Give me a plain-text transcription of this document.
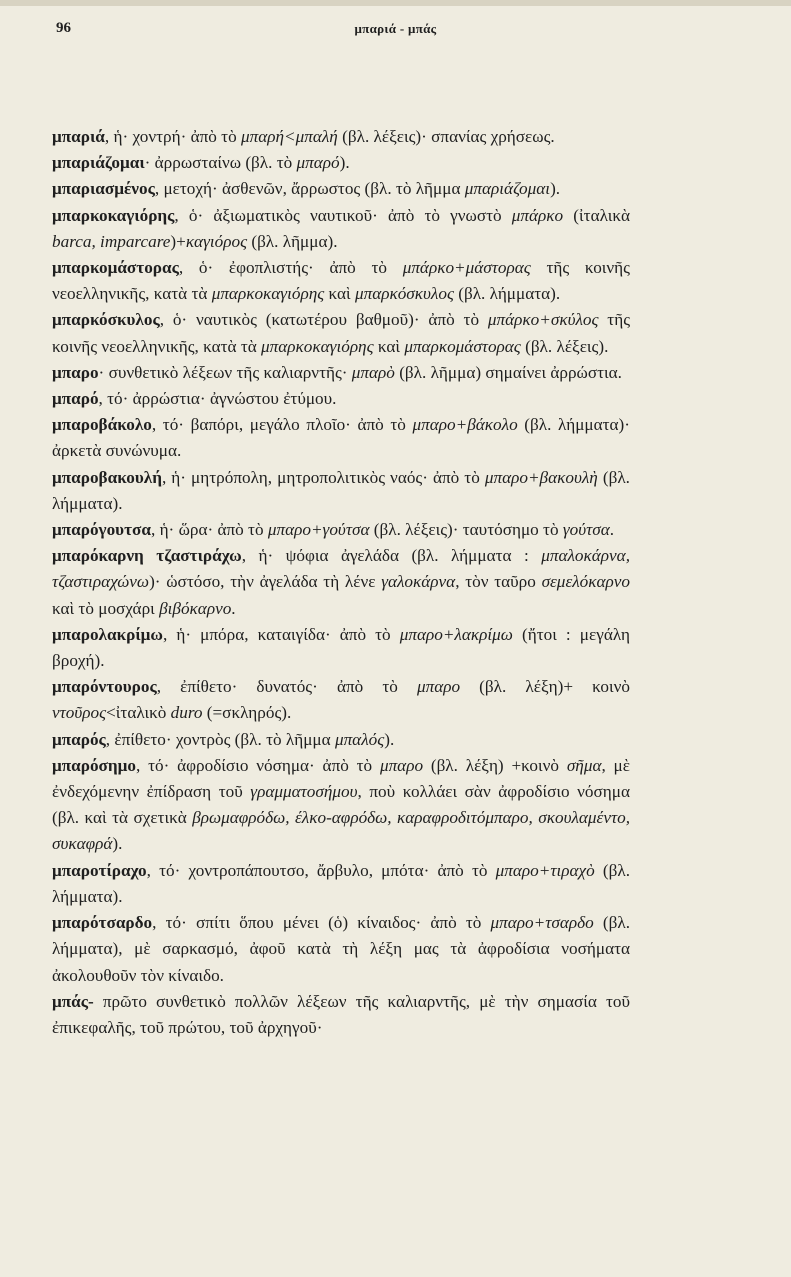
96	μπαριά - μπάς

μπαριά, ἡ· χοντρή· ἀπὸ τὸ μπαρή<μπαλή (βλ. λέξεις)· σπανίας χρήσεως.

μπαριάζομαι· ἀρρωσταίνω (βλ. τὸ μπαρό).

μπαριασμένος, μετοχή· ἀσθενῶν, ἄρρωστος (βλ. τὸ λῆμμα μπαριάζομαι).

μπαρκοκαγιόρης, ὁ· ἀξιωματικὸς ναυτικοῦ· ἀπὸ τὸ γνωστὸ μπάρκο (ἰταλικὰ barca, imparcare)+καγιόρος (βλ. λῆμμα).

μπαρκομάστορας, ὁ· ἐφοπλιστής· ἀπὸ τὸ μπάρκο+μάστορας τῆς κοινῆς νεοελληνικῆς, κατὰ τὰ μπαρκοκαγιόρης καὶ μπαρκόσκυλος (βλ. λήμματα).

μπαρκόσκυλος, ὁ· ναυτικὸς (κατωτέρου βαθμοῦ)· ἀπὸ τὸ μπάρκο+σκύλος τῆς κοινῆς νεοελληνικῆς, κατὰ τὰ μπαρκοκαγιόρης καὶ μπαρκομάστορας (βλ. λέξεις).

μπαρο· συνθετικὸ λέξεων τῆς καλιαρντῆς· μπαρὸ (βλ. λῆμμα) σημαίνει ἀρρώστια.

μπαρό, τό· ἀρρώστια· ἀγνώστου ἐτύμου.

μπαροβάκολο, τό· βαπόρι, μεγάλο πλοῖο· ἀπὸ τὸ μπαρο+βάκολο (βλ. λήμματα)· ἀρκετὰ συνώνυμα.

μπαροβακουλή, ἡ· μητρόπολη, μητροπολιτικὸς ναός· ἀπὸ τὸ μπαρο+βακουλὴ (βλ. λήμματα).

μπαρόγουτσα, ἡ· ὥρα· ἀπὸ τὸ μπαρο+γούτσα (βλ. λέξεις)· ταυτόσημο τὸ γούτσα.

μπαρόκαρνη τζαστιράχω, ἡ· ψόφια ἀγελάδα (βλ. λήμματα : μπαλοκάρνα, τζαστιραχώνω)· ὡστόσο, τὴν ἀγελάδα τὴ λένε γαλοκάρνα, τὸν ταῦρο σεμελόκαρνο καὶ τὸ μοσχάρι βιβόκαρνο.

μπαρολακρίμω, ἡ· μπόρα, καταιγίδα· ἀπὸ τὸ μπαρο+λακρίμω (ἤτοι : μεγάλη βροχή).

μπαρόντουρος, ἐπίθετο· δυνατός· ἀπὸ τὸ μπαρο (βλ. λέξη)+ κοινὸ ντοῦρος<ἰταλικὸ duro (=σκληρός).

μπαρός, ἐπίθετο· χοντρὸς (βλ. τὸ λῆμμα μπαλός).

μπαρόσημο, τό· ἀφροδίσιο νόσημα· ἀπὸ τὸ μπαρο (βλ. λέξη) +κοινὸ σῆμα, μὲ ἐνδεχόμενην ἐπίδραση τοῦ γραμματοσήμου, ποὺ κολλάει σὰν ἀφροδίσιο νόσημα (βλ. καὶ τὰ σχετικὰ βρωμαφρόδω, έλκο-αφρόδω, καραφροδιτόμπαρο, σκουλαμέντο, συκαφρά).

μπαροτίραχο, τό· χοντροπάπουτσο, ἄρβυλο, μπότα· ἀπὸ τὸ μπαρο+τιραχὸ (βλ. λήμματα).

μπαρότσαρδο, τό· σπίτι ὅπου μένει (ὁ) κίναιδος· ἀπὸ τὸ μπαρο+τσαρδο (βλ. λήμματα), μὲ σαρκασμό, ἀφοῦ κατὰ τὴ λέξη μας τὰ ἀφροδίσια νοσήματα ἀκολουθοῦν τὸν κίναιδο.

μπάς- πρῶτο συνθετικὸ πολλῶν λέξεων τῆς καλιαρντῆς, μὲ τὴν σημασία τοῦ ἐπικεφαλῆς, τοῦ πρώτου, τοῦ ἀρχηγοῦ·
